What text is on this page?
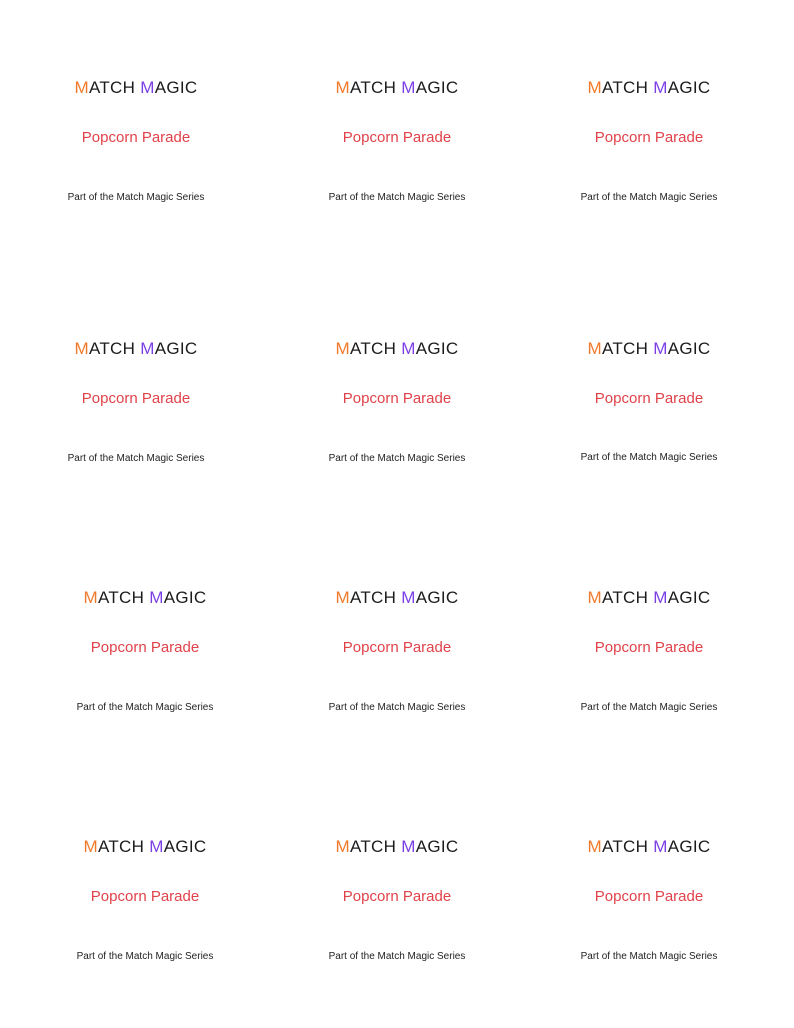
MATCH MAGIC
Popcorn Parade
Part of the Match Magic Series
MATCH MAGIC
Popcorn Parade
Part of the Match Magic Series
MATCH MAGIC
Popcorn Parade
Part of the Match Magic Series
MATCH MAGIC
Popcorn Parade
Part of the Match Magic Series
MATCH MAGIC
Popcorn Parade
Part of the Match Magic Series
MATCH MAGIC
Popcorn Parade
Part of the Match Magic Series
MATCH MAGIC
Popcorn Parade
Part of the Match Magic Series
MATCH MAGIC
Popcorn Parade
Part of the Match Magic Series
MATCH MAGIC
Popcorn Parade
Part of the Match Magic Series
MATCH MAGIC
Popcorn Parade
Part of the Match Magic Series
MATCH MAGIC
Popcorn Parade
Part of the Match Magic Series
MATCH MAGIC
Popcorn Parade
Part of the Match Magic Series
